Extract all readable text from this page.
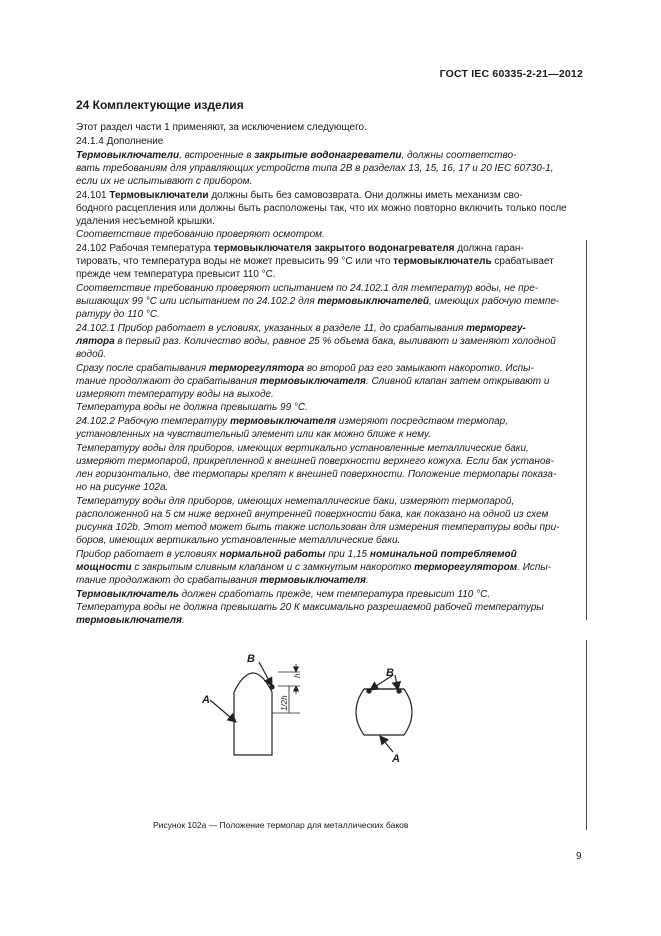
ГОСТ IEC 60335-2-21—2012
24 Комплектующие изделия
Этот раздел части 1 применяют, за исключением следующего.
24.1.4 Дополнение
Термовыключатели, встроенные в закрытые водонагреватели, должны соответство-
вать требованиям для управляющих устройств типа 2В в разделах 13, 15, 16, 17 и 20 IEC 60730-1,
если их не испытывают с прибором.
24.101 Термовыключатели должны быть без самовозврата. Они должны иметь механизм сво-
бодного расцепления или должны быть расположены так, что их можно повторно включить только после
удаления несъемной крышки.
Соответствие требованию проверяют осмотром.
24.102 Рабочая температура термовыключателя закрытого водонагревателя должна гаран-
тировать, что температура воды не может превысить 99 °С или что термовыключатель срабатывает
прежде чем температура превысит 110 °С.
Соответствие требованию проверяют испытанием по 24.102.1 для температур воды, не пре-
вышающих 99 °С или испытанием по 24.102.2 для термовыключателей, имеющих рабочую темпе-
ратуру до 110 °С.
24.102.1 Прибор работает в условиях, указанных в разделе 11, до срабатывания терморегу-
лятора в первый раз. Количество воды, равное 25 % объема бака, выливают и заменяют холодной
водой.
Сразу после срабатывания терморегулятора во второй раз его замыкают накоротко. Испы-
тание продолжают до срабатывания термовыключателя. Сливной клапан затем открывают и
измеряют температуру воды на выходе.
Температура воды не должна превышать 99 °С.
24.102.2 Рабочую температуру термовыключателя измеряют посредством термопар,
установленных на чувствительный элемент или как можно ближе к нему.
Температуру воды для приборов, имеющих вертикально установленные металлические баки,
измеряют термопарой, прикрепленной к внешней поверхности верхнего кожуха. Если бак установ-
лен горизонтально, две термопары крепят к внешней поверхности. Положение термопары показа-
но на рисунке 102а.
Температуру воды для приборов, имеющих неметаллические баки, измеряют термопарой,
расположенной на 5 см ниже верхней внутренней поверхности бака, как показано на одной из схем
рисунка 102b. Этот метод может быть также использован для измерения температуры воды при-
боров, имеющих вертикально установленные металлические баки.
Прибор работает в условиях нормальной работы при 1,15 номинальной потребляемой
мощности с закрытым сливным клапаном и с замкнутым накоротко терморегулятором. Испы-
тание продолжают до срабатывания термовыключателя.
Термовыключатель должен сработать прежде, чем температура превысит 110 °С.
Температура воды не должна превышать 20 К максимально разрешаемой рабочей температуры
термовыключателя.
B
A
B
A
h
1/2h
Рисунок 102а — Положение термопар для металлических баков
9
